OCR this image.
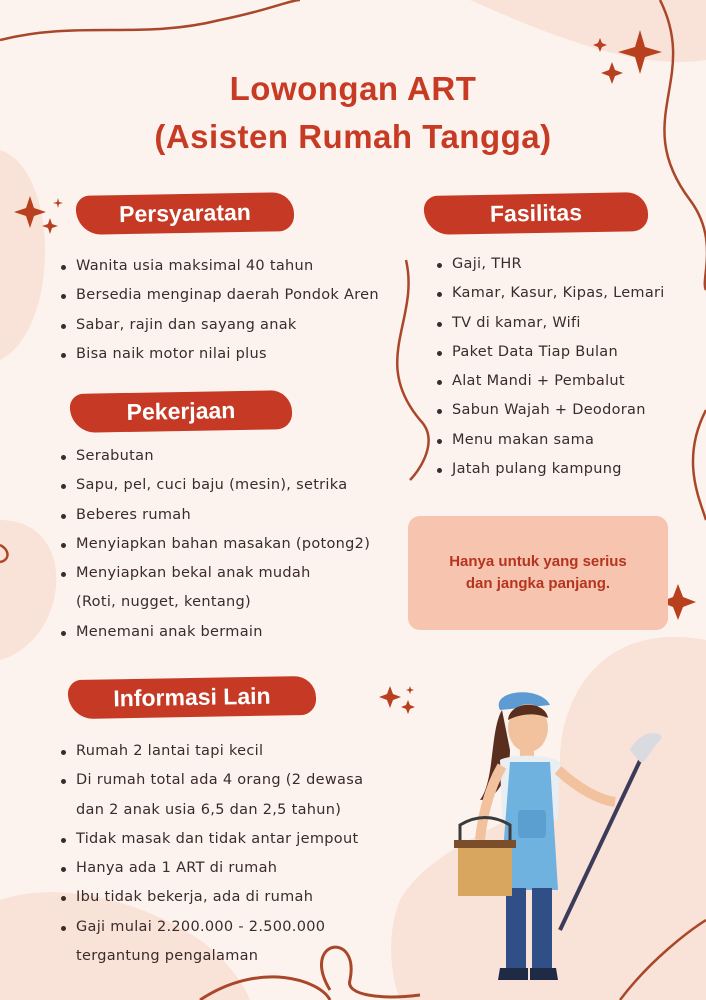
Lowongan ART
(Asisten Rumah Tangga)
Persyaratan	Fasilitas
Pekerjaan
Informasi Lain
Wanita usia maksimal 40 tahun
Bersedia menginap daerah Pondok Aren
Sabar, rajin dan sayang anak
Bisa naik motor nilai plus
Serabutan
Sapu, pel, cuci baju (mesin), setrika
Beberes rumah
Menyiapkan bahan masakan (potong2)
Menyiapkan bekal anak mudah
(Roti, nugget, kentang)
Menemani anak bermain
Gaji, THR
Kamar, Kasur, Kipas, Lemari
TV di kamar, Wifi
Paket Data Tiap Bulan
Alat Mandi + Pembalut
Sabun Wajah + Deodoran
Menu makan sama
Jatah pulang kampung
Rumah 2 lantai tapi kecil
Di rumah total ada 4 orang (2 dewasa
dan 2 anak usia 6,5 dan 2,5 tahun)
Tidak masak dan tidak antar jempout
Hanya ada 1 ART di rumah
Ibu tidak bekerja, ada di rumah
Gaji mulai 2.200.000 - 2.500.000
tergantung pengalaman
Hanya untuk yang serius
dan jangka panjang.
